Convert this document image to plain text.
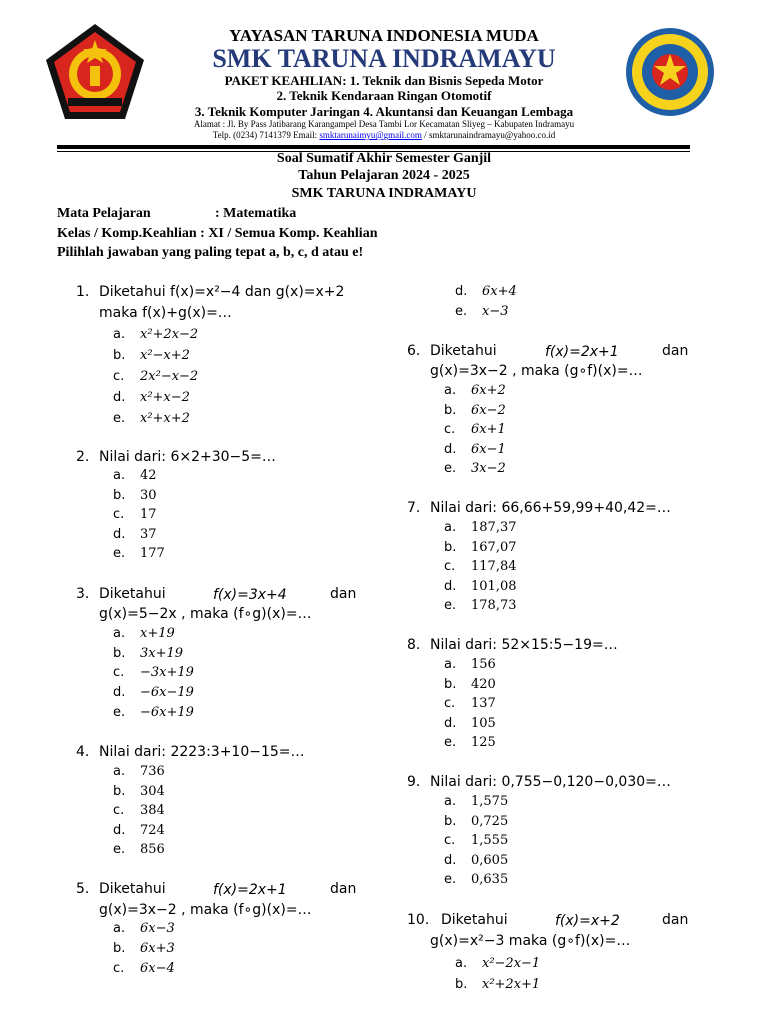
YAYASAN TARUNA INDONESIA MUDA
SMK TARUNA INDRAMAYU
PAKET KEAHLIAN: 1. Teknik dan Bisnis Sepeda Motor
2. Teknik Kendaraan Ringan Otomotif
3. Teknik Komputer Jaringan 4. Akuntansi dan Keuangan Lembaga
Alamat : Jl. By Pass Jatibarang Karangampel Desa Tambi Lor Kecamatan Sliyeg – Kabupaten Indramayu
Telp. (0234) 7141379 Email: smktarunaimyu@gmail.com / smktarunaindramayu@yahoo.co.id
Soal Sumatif Akhir Semester Ganjil
Tahun Pelajaran 2024 - 2025
SMK TARUNA INDRAMAYU
Mata Pelajaran	: Matematika
Kelas / Komp.Keahlian : XI / Semua Komp. Keahlian
Pilihlah jawaban yang paling tepat a, b, c, d atau e!
1. Diketahui f(x)=x²−4 dan g(x)=x+2
maka f(x)+g(x)=…
a. x²+2x−2
b. x²−x+2
c. 2x²−x−2
d. x²+x−2
e. x²+x+2
2. Nilai dari: 6×2+30−5=…
a. 42
b. 30
c. 17
d. 37
e. 177
3. Diketahui	f(x)=3x+4	dan
g(x)=5−2x , maka (f∘g)(x)=…
a. x+19
b. 3x+19
c. −3x+19
d. −6x−19
e. −6x+19
4. Nilai dari: 2223:3+10−15=…
a. 736
b. 304
c. 384
d. 724
e. 856
5. Diketahui	f(x)=2x+1	dan
g(x)=3x−2 , maka (f∘g)(x)=…
a. 6x−3
b. 6x+3
c. 6x−4
d. 6x+4
e. x−3
6. Diketahui	f(x)=2x+1	dan
g(x)=3x−2 , maka (g∘f)(x)=…
a. 6x+2
b. 6x−2
c. 6x+1
d. 6x−1
e. 3x−2
7. Nilai dari: 66,66+59,99+40,42=…
a. 187,37
b. 167,07
c. 117,84
d. 101,08
e. 178,73
8. Nilai dari: 52×15:5−19=…
a. 156
b. 420
c. 137
d. 105
e. 125
9. Nilai dari: 0,755−0,120−0,030=…
a. 1,575
b. 0,725
c. 1,555
d. 0,605
e. 0,635
10. Diketahui	f(x)=x+2	dan
g(x)=x²−3 maka (g∘f)(x)=…
a. x²−2x−1
b. x²+2x+1
